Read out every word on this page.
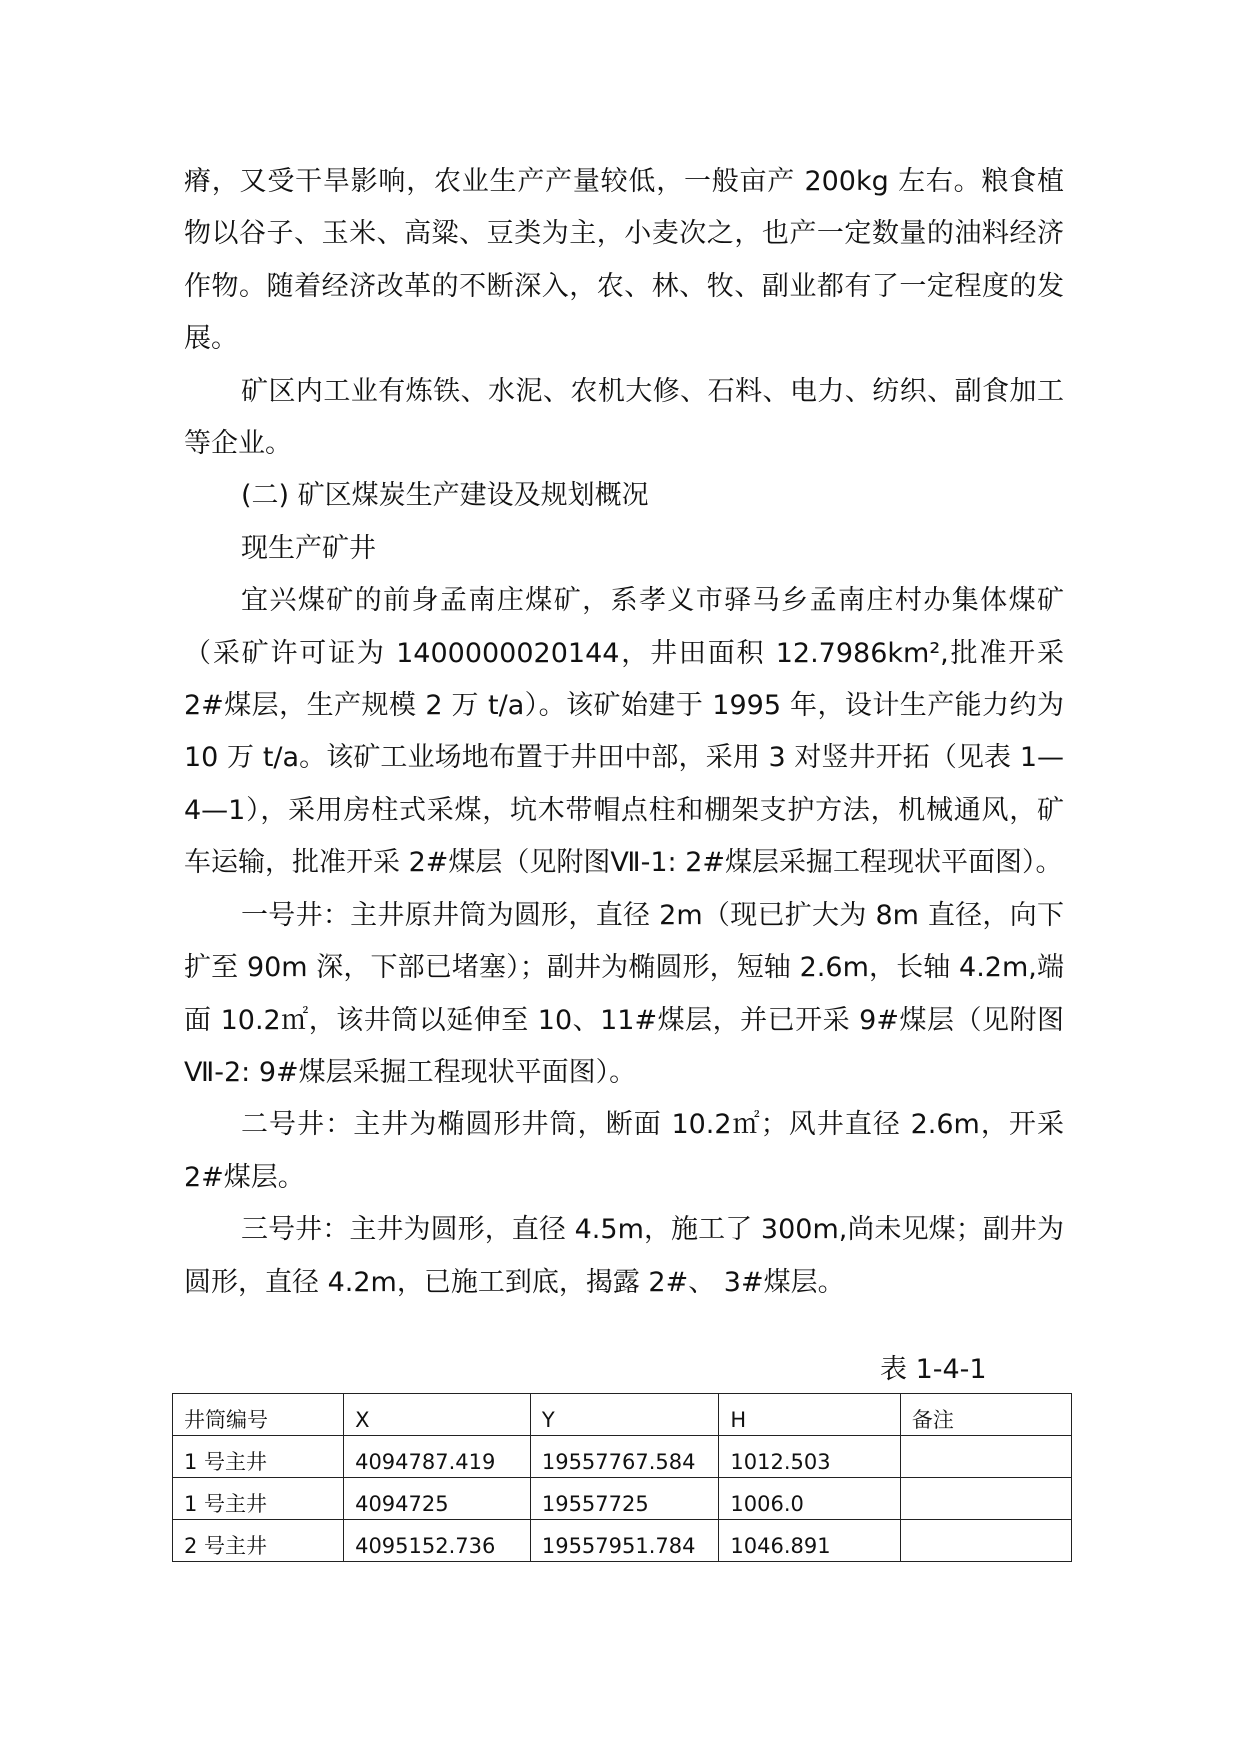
瘠，又受干旱影响，农业生产产量较低，一般亩产 200kg 左右。粮食植物以谷子、玉米、高粱、豆类为主，小麦次之，也产一定数量的油料经济作物。随着经济改革的不断深入，农、林、牧、副业都有了一定程度的发展。

矿区内工业有炼铁、水泥、农机大修、石料、电力、纺织、副食加工等企业。

(二) 矿区煤炭生产建设及规划概况

现生产矿井

宜兴煤矿的前身孟南庄煤矿，系孝义市驿马乡孟南庄村办集体煤矿（采矿许可证为 1400000020144，井田面积 12.7986km²,批准开采 2#煤层，生产规模 2 万 t/a）。该矿始建于 1995 年，设计生产能力约为 10 万 t/a。该矿工业场地布置于井田中部，采用 3 对竖井开拓（见表 1—4—1），采用房柱式采煤，坑木带帽点柱和棚架支护方法，机械通风，矿车运输，批准开采 2#煤层（见附图Ⅶ-1: 2#煤层采掘工程现状平面图）。

一号井：主井原井筒为圆形，直径 2m（现已扩大为 8m 直径，向下扩至 90m 深，下部已堵塞）；副井为椭圆形，短轴 2.6m，长轴 4.2m,端面 10.2㎡，该井筒以延伸至 10、11#煤层，并已开采 9#煤层（见附图Ⅶ-2: 9#煤层采掘工程现状平面图）。

二号井：主井为椭圆形井筒，断面 10.2㎡；风井直径 2.6m，开采 2#煤层。

三号井：主井为圆形，直径 4.5m，施工了 300m,尚未见煤；副井为圆形，直径 4.2m，已施工到底，揭露 2#、 3#煤层。

表 1-4-1
井筒编号	X	Y	H	备注
1 号主井	4094787.419	19557767.584	1012.503	
1 号主井	4094725	19557725	1006.0	
2 号主井	4095152.736	19557951.784	1046.891	
